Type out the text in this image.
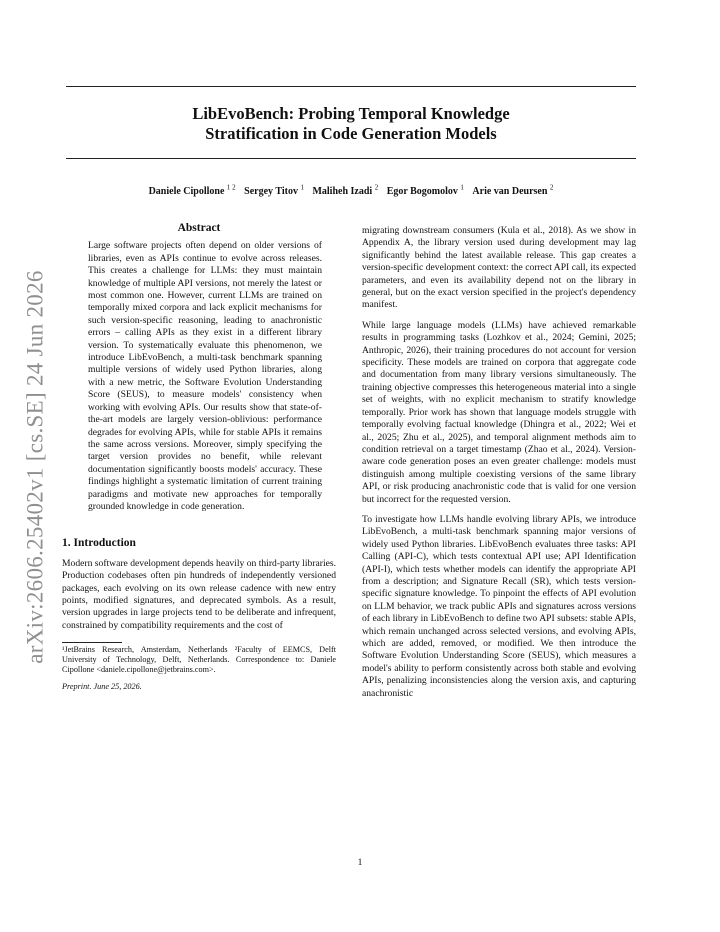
arXiv:2606.25402v1 [cs.SE] 24 Jun 2026
LibEvoBench: Probing Temporal Knowledge
Stratification in Code Generation Models
Daniele Cipollone $^{1 2}$ Sergey Titov $^1$ Maliheh Izadi $^2$ Egor Bogomolov $^1$ Arie van Deursen $^2$
Abstract
Large software projects often depend on older versions of libraries, even as APIs continue to evolve across releases. This creates a challenge for LLMs: they must maintain knowledge of multiple API versions, not merely the latest or most common one. However, current LLMs are trained on temporally mixed corpora and lack explicit mechanisms for such version-specific reasoning, leading to anachronistic errors – calling APIs as they exist in a different library version. To systematically evaluate this phenomenon, we introduce LibEvoBench, a multi-task benchmark spanning multiple versions of widely used Python libraries, along with a new metric, the Software Evolution Understanding Score (SEUS), to measure models' consistency when working with evolving APIs. Our results show that state-of-the-art models are largely version-oblivious: performance degrades for evolving APIs, while for stable APIs it remains the same across versions. Moreover, simply specifying the target version provides no benefit, while relevant documentation significantly boosts models' accuracy. These findings highlight a systematic limitation of current training paradigms and motivate new approaches for temporally grounded knowledge in code generation.
1. Introduction
Modern software development depends heavily on third-party libraries. Production codebases often pin hundreds of independently versioned packages, each evolving on its own release cadence with new entry points, modified signatures, and deprecated symbols. As a result, version upgrades in large projects tend to be deliberate and infrequent, constrained by compatibility requirements and the cost of

¹JetBrains Research, Amsterdam, Netherlands ²Faculty of EEMCS, Delft University of Technology, Delft, Netherlands. Correspondence to: Daniele Cipollone <daniele.cipollone@jetbrains.com>.

Preprint. June 25, 2026.
migrating downstream consumers (Kula et al., 2018). As we show in Appendix A, the library version used during development may lag significantly behind the latest available release. This gap creates a version-specific development context: the correct API call, its expected parameters, and even its availability depend not on the library in general, but on the exact version specified in the project's dependency manifest.
While large language models (LLMs) have achieved remarkable results in programming tasks (Lozhkov et al., 2024; Gemini, 2025; Anthropic, 2026), their training procedures do not account for version specificity. These models are trained on corpora that aggregate code and documentation from many library versions simultaneously. The training objective compresses this heterogeneous material into a single set of weights, with no explicit mechanism to stratify knowledge temporally. Prior work has shown that language models struggle with temporally evolving factual knowledge (Dhingra et al., 2022; Wei et al., 2025; Zhu et al., 2025), and temporal alignment methods aim to condition retrieval on a target timestamp (Zhao et al., 2024). Version-aware code generation poses an even greater challenge: models must distinguish among multiple coexisting versions of the same library API, or risk producing anachronistic code that is valid for one version but incorrect for the requested version.
To investigate how LLMs handle evolving library APIs, we introduce LibEvoBench, a multi-task benchmark spanning major versions of widely used Python libraries. LibEvoBench evaluates three tasks: API Calling (API-C), which tests contextual API use; API Identification (API-I), which tests whether models can identify the appropriate API from a description; and Signature Recall (SR), which tests version-specific signature knowledge. To pinpoint the effects of API evolution on LLM behavior, we track public APIs and signatures across versions of each library in LibEvoBench to define two API subsets: stable APIs, which remain unchanged across selected versions, and evolving APIs, which are added, removed, or modified. We then introduce the Software Evolution Understanding Score (SEUS), which measures a model's ability to perform consistently across both stable and evolving APIs, penalizing inconsistencies along the version axis, and capturing anachronistic
1
